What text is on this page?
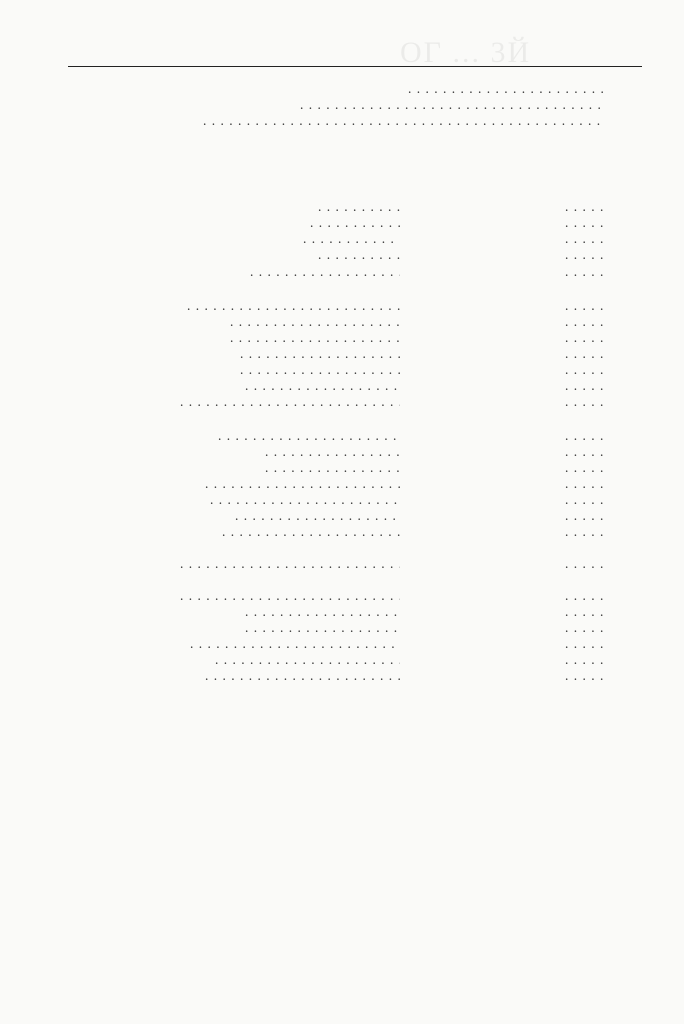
ОГ ... 3Й
. . .
. . .
. . .
. . .
. . .
. . .
. . .
. . .
. . .
. . .
. . .
. . .
. . .
. . .
. . .
. . .
. . .
. . .
. . .
. . .
. . .
. . .
. . .
. . .
. . .
. . .
. . .
. . .
. . .
. . .
. . .
. . .
. . .
. . .
. . .
. . .
. . .
. . .
. . .
. . .
. . .
. . .
. . .
. . .
. . .
. . .
. . .
. . .
. . .
. . .
. . .
. . .
. . .
. . .
. . .
